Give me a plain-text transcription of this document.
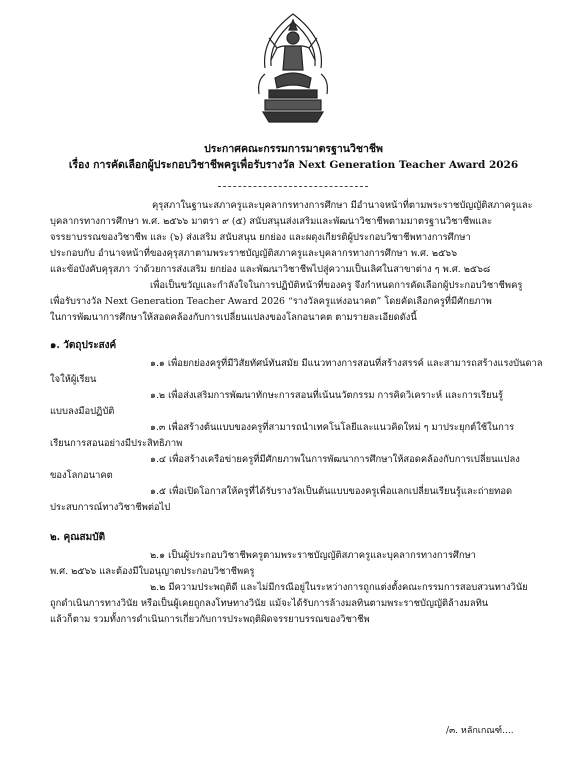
ประกาศคณะกรรมการมาตรฐานวิชาชีพ
เรื่อง การคัดเลือกผู้ประกอบวิชาชีพครูเพื่อรับรางวัล Next Generation Teacher Award 2026
คุรุสภาในฐานะสภาครูและบุคลากรทางการศึกษา มีอำนาจหน้าที่ตามพระราชบัญญัติสภาครูและ
บุคลากรทางการศึกษา พ.ศ. ๒๕๖๖ มาตรา ๙ (๕) สนับสนุนส่งเสริมและพัฒนาวิชาชีพตามมาตรฐานวิชาชีพและ
จรรยาบรรณของวิชาชีพ และ (๖) ส่งเสริม สนับสนุน ยกย่อง และผดุงเกียรติผู้ประกอบวิชาชีพทางการศึกษา
ประกอบกับ อำนาจหน้าที่ของคุรุสภาตามพระราชบัญญัติสภาครูและบุคลากรทางการศึกษา พ.ศ. ๒๕๖๖
และข้อบังคับคุรุสภา ว่าด้วยการส่งเสริม ยกย่อง และพัฒนาวิชาชีพไปสู่ความเป็นเลิศในสาขาต่าง ๆ พ.ศ. ๒๕๖๘
เพื่อเป็นขวัญและกำลังใจในการปฏิบัติหน้าที่ของครู จึงกำหนดการคัดเลือกผู้ประกอบวิชาชีพครู
เพื่อรับรางวัล Next Generation Teacher Award 2026 “รางวัลครูแห่งอนาคต” โดยคัดเลือกครูที่มีศักยภาพ
ในการพัฒนาการศึกษาให้สอดคล้องกับการเปลี่ยนแปลงของโลกอนาคต ตามรายละเอียดดังนี้
๑. วัตถุประสงค์
๑.๑ เพื่อยกย่องครูที่มีวิสัยทัศน์ทันสมัย มีแนวทางการสอนที่สร้างสรรค์ และสามารถสร้างแรงบันดาล
ใจให้ผู้เรียน
๑.๒ เพื่อส่งเสริมการพัฒนาทักษะการสอนที่เน้นนวัตกรรม การคิดวิเคราะห์ และการเรียนรู้
แบบลงมือปฏิบัติ
๑.๓ เพื่อสร้างต้นแบบของครูที่สามารถนำเทคโนโลยีและแนวคิดใหม่ ๆ มาประยุกต์ใช้ในการ
เรียนการสอนอย่างมีประสิทธิภาพ
๑.๔ เพื่อสร้างเครือข่ายครูที่มีศักยภาพในการพัฒนาการศึกษาให้สอดคล้องกับการเปลี่ยนแปลง
ของโลกอนาคต
๑.๕ เพื่อเปิดโอกาสให้ครูที่ได้รับรางวัลเป็นต้นแบบของครูเพื่อแลกเปลี่ยนเรียนรู้และถ่ายทอด
ประสบการณ์ทางวิชาชีพต่อไป
๒. คุณสมบัติ
๒.๑ เป็นผู้ประกอบวิชาชีพครูตามพระราชบัญญัติสภาครูและบุคลากรทางการศึกษา
พ.ศ. ๒๕๖๖ และต้องมีใบอนุญาตประกอบวิชาชีพครู
๒.๒ มีความประพฤติดี และไม่มีกรณีอยู่ในระหว่างการถูกแต่งตั้งคณะกรรมการสอบสวนทางวินัย
ถูกดำเนินการทางวินัย หรือเป็นผู้เคยถูกลงโทษทางวินัย แม้จะได้รับการล้างมลทินตามพระราชบัญญัติล้างมลทิน
แล้วก็ตาม รวมทั้งการดำเนินการเกี่ยวกับการประพฤติผิดจรรยาบรรณของวิชาชีพ
/๓. หลักเกณฑ์....
